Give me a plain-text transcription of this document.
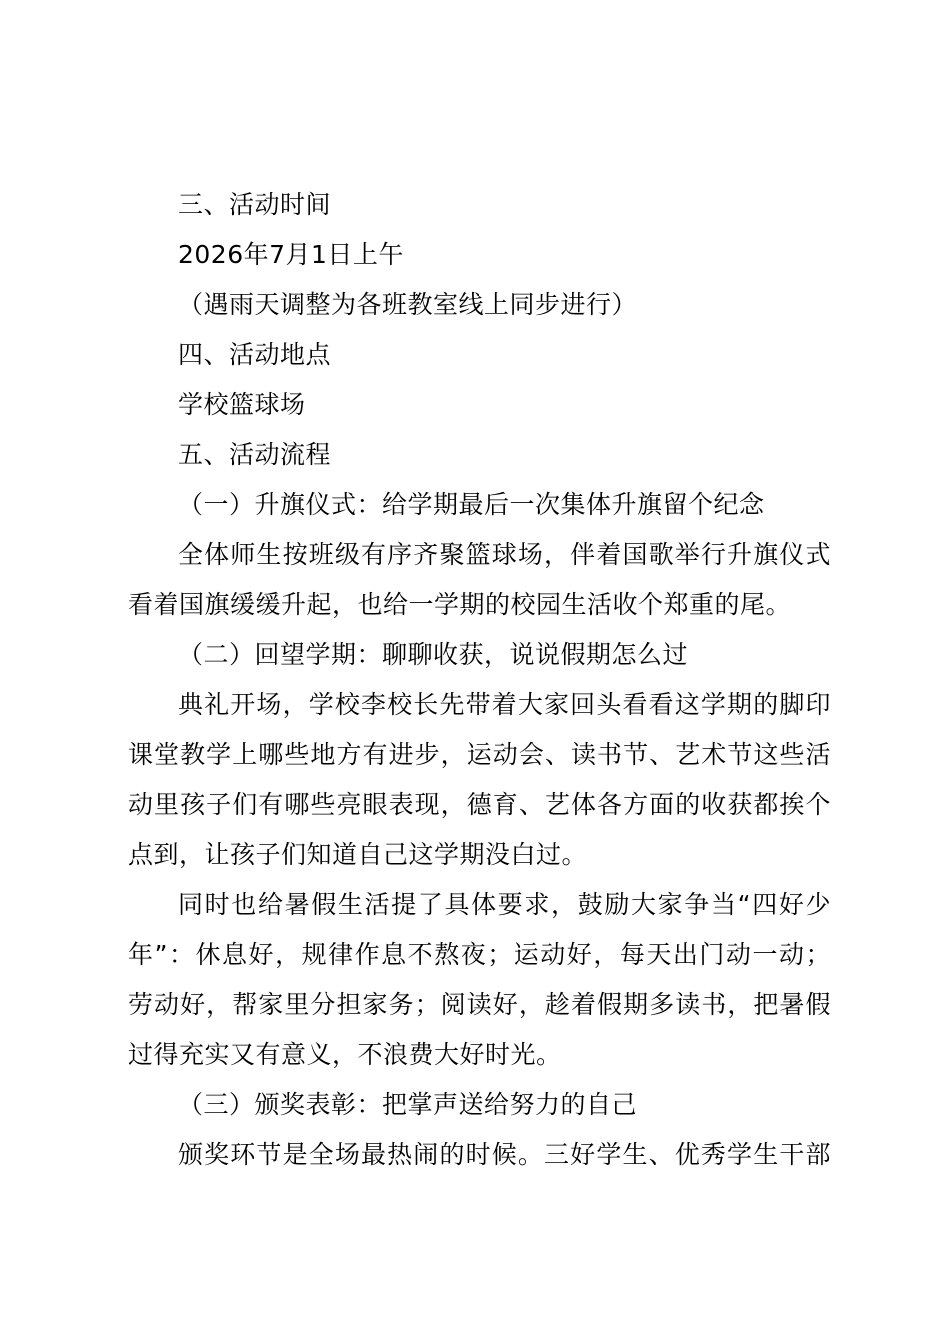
三、活动时间
2026年7月1日上午
（遇雨天调整为各班教室线上同步进行）
四、活动地点
学校篮球场
五、活动流程
（一）升旗仪式：给学期最后一次集体升旗留个纪念
全体师生按班级有序齐聚篮球场，伴着国歌举行升旗仪式
看着国旗缓缓升起，也给一学期的校园生活收个郑重的尾。
（二）回望学期：聊聊收获，说说假期怎么过
典礼开场，学校李校长先带着大家回头看看这学期的脚印
课堂教学上哪些地方有进步，运动会、读书节、艺术节这些活
动里孩子们有哪些亮眼表现，德育、艺体各方面的收获都挨个
点到，让孩子们知道自己这学期没白过。
同时也给暑假生活提了具体要求，鼓励大家争当“四好少
年”：休息好，规律作息不熬夜；运动好，每天出门动一动；
劳动好，帮家里分担家务；阅读好，趁着假期多读书，把暑假
过得充实又有意义，不浪费大好时光。
（三）颁奖表彰：把掌声送给努力的自己
颁奖环节是全场最热闹的时候。三好学生、优秀学生干部
